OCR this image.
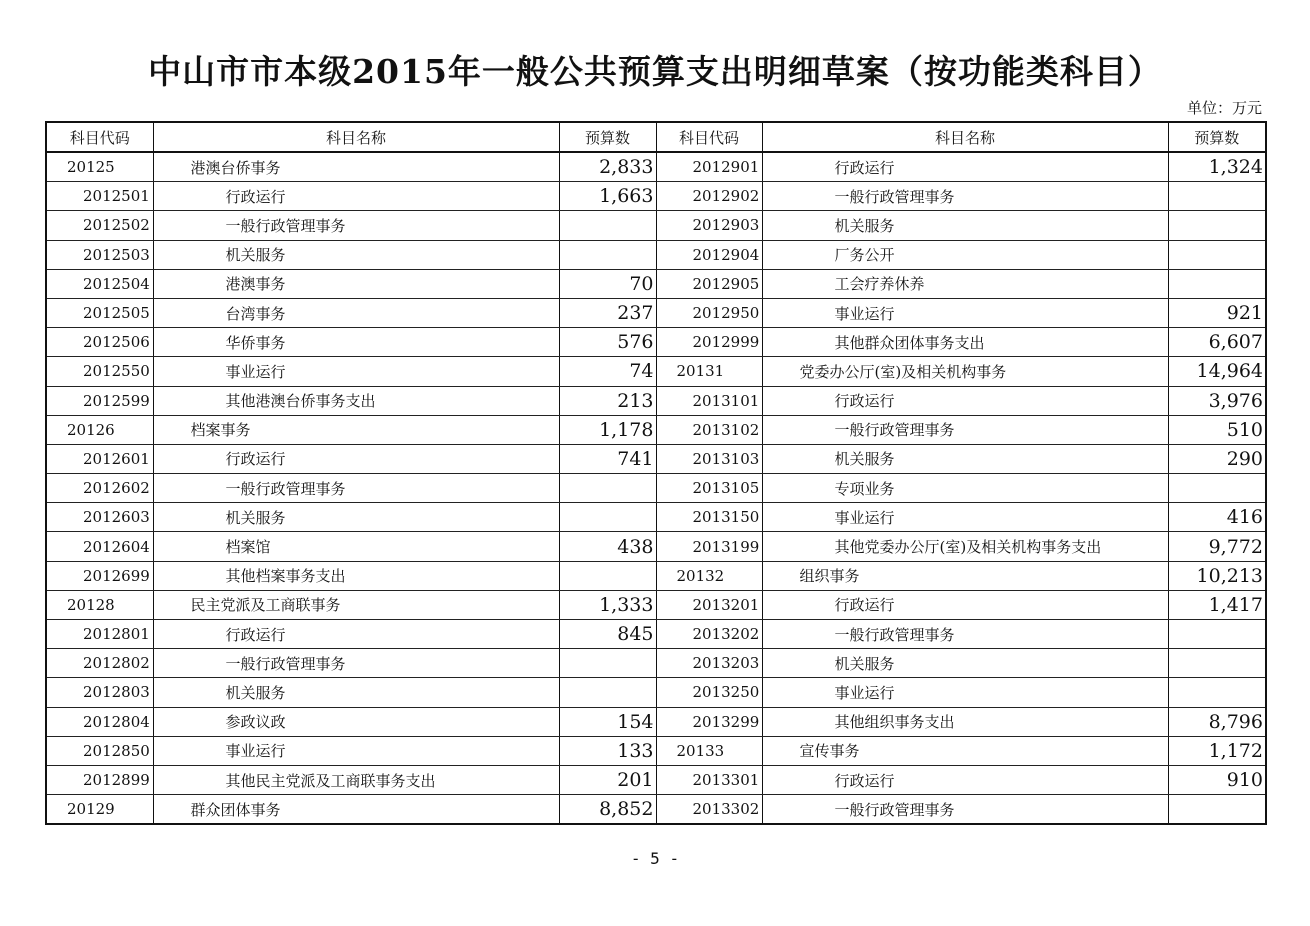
中山市市本级2015年一般公共预算支出明细草案（按功能类科目）
单位：万元
科目代码	科目名称	预算数	科目代码	科目名称	预算数
20125	港澳台侨事务	2,833	2012901	行政运行	1,324
2012501	行政运行	1,663	2012902	一般行政管理事务	
2012502	一般行政管理事务		2012903	机关服务	
2012503	机关服务		2012904	厂务公开	
2012504	港澳事务	70	2012905	工会疗养休养	
2012505	台湾事务	237	2012950	事业运行	921
2012506	华侨事务	576	2012999	其他群众团体事务支出	6,607
2012550	事业运行	74	20131	党委办公厅(室)及相关机构事务	14,964
2012599	其他港澳台侨事务支出	213	2013101	行政运行	3,976
20126	档案事务	1,178	2013102	一般行政管理事务	510
2012601	行政运行	741	2013103	机关服务	290
2012602	一般行政管理事务		2013105	专项业务	
2012603	机关服务		2013150	事业运行	416
2012604	档案馆	438	2013199	其他党委办公厅(室)及相关机构事务支出	9,772
2012699	其他档案事务支出		20132	组织事务	10,213
20128	民主党派及工商联事务	1,333	2013201	行政运行	1,417
2012801	行政运行	845	2013202	一般行政管理事务	
2012802	一般行政管理事务		2013203	机关服务	
2012803	机关服务		2013250	事业运行	
2012804	参政议政	154	2013299	其他组织事务支出	8,796
2012850	事业运行	133	20133	宣传事务	1,172
2012899	其他民主党派及工商联事务支出	201	2013301	行政运行	910
20129	群众团体事务	8,852	2013302	一般行政管理事务	
- 5 -
